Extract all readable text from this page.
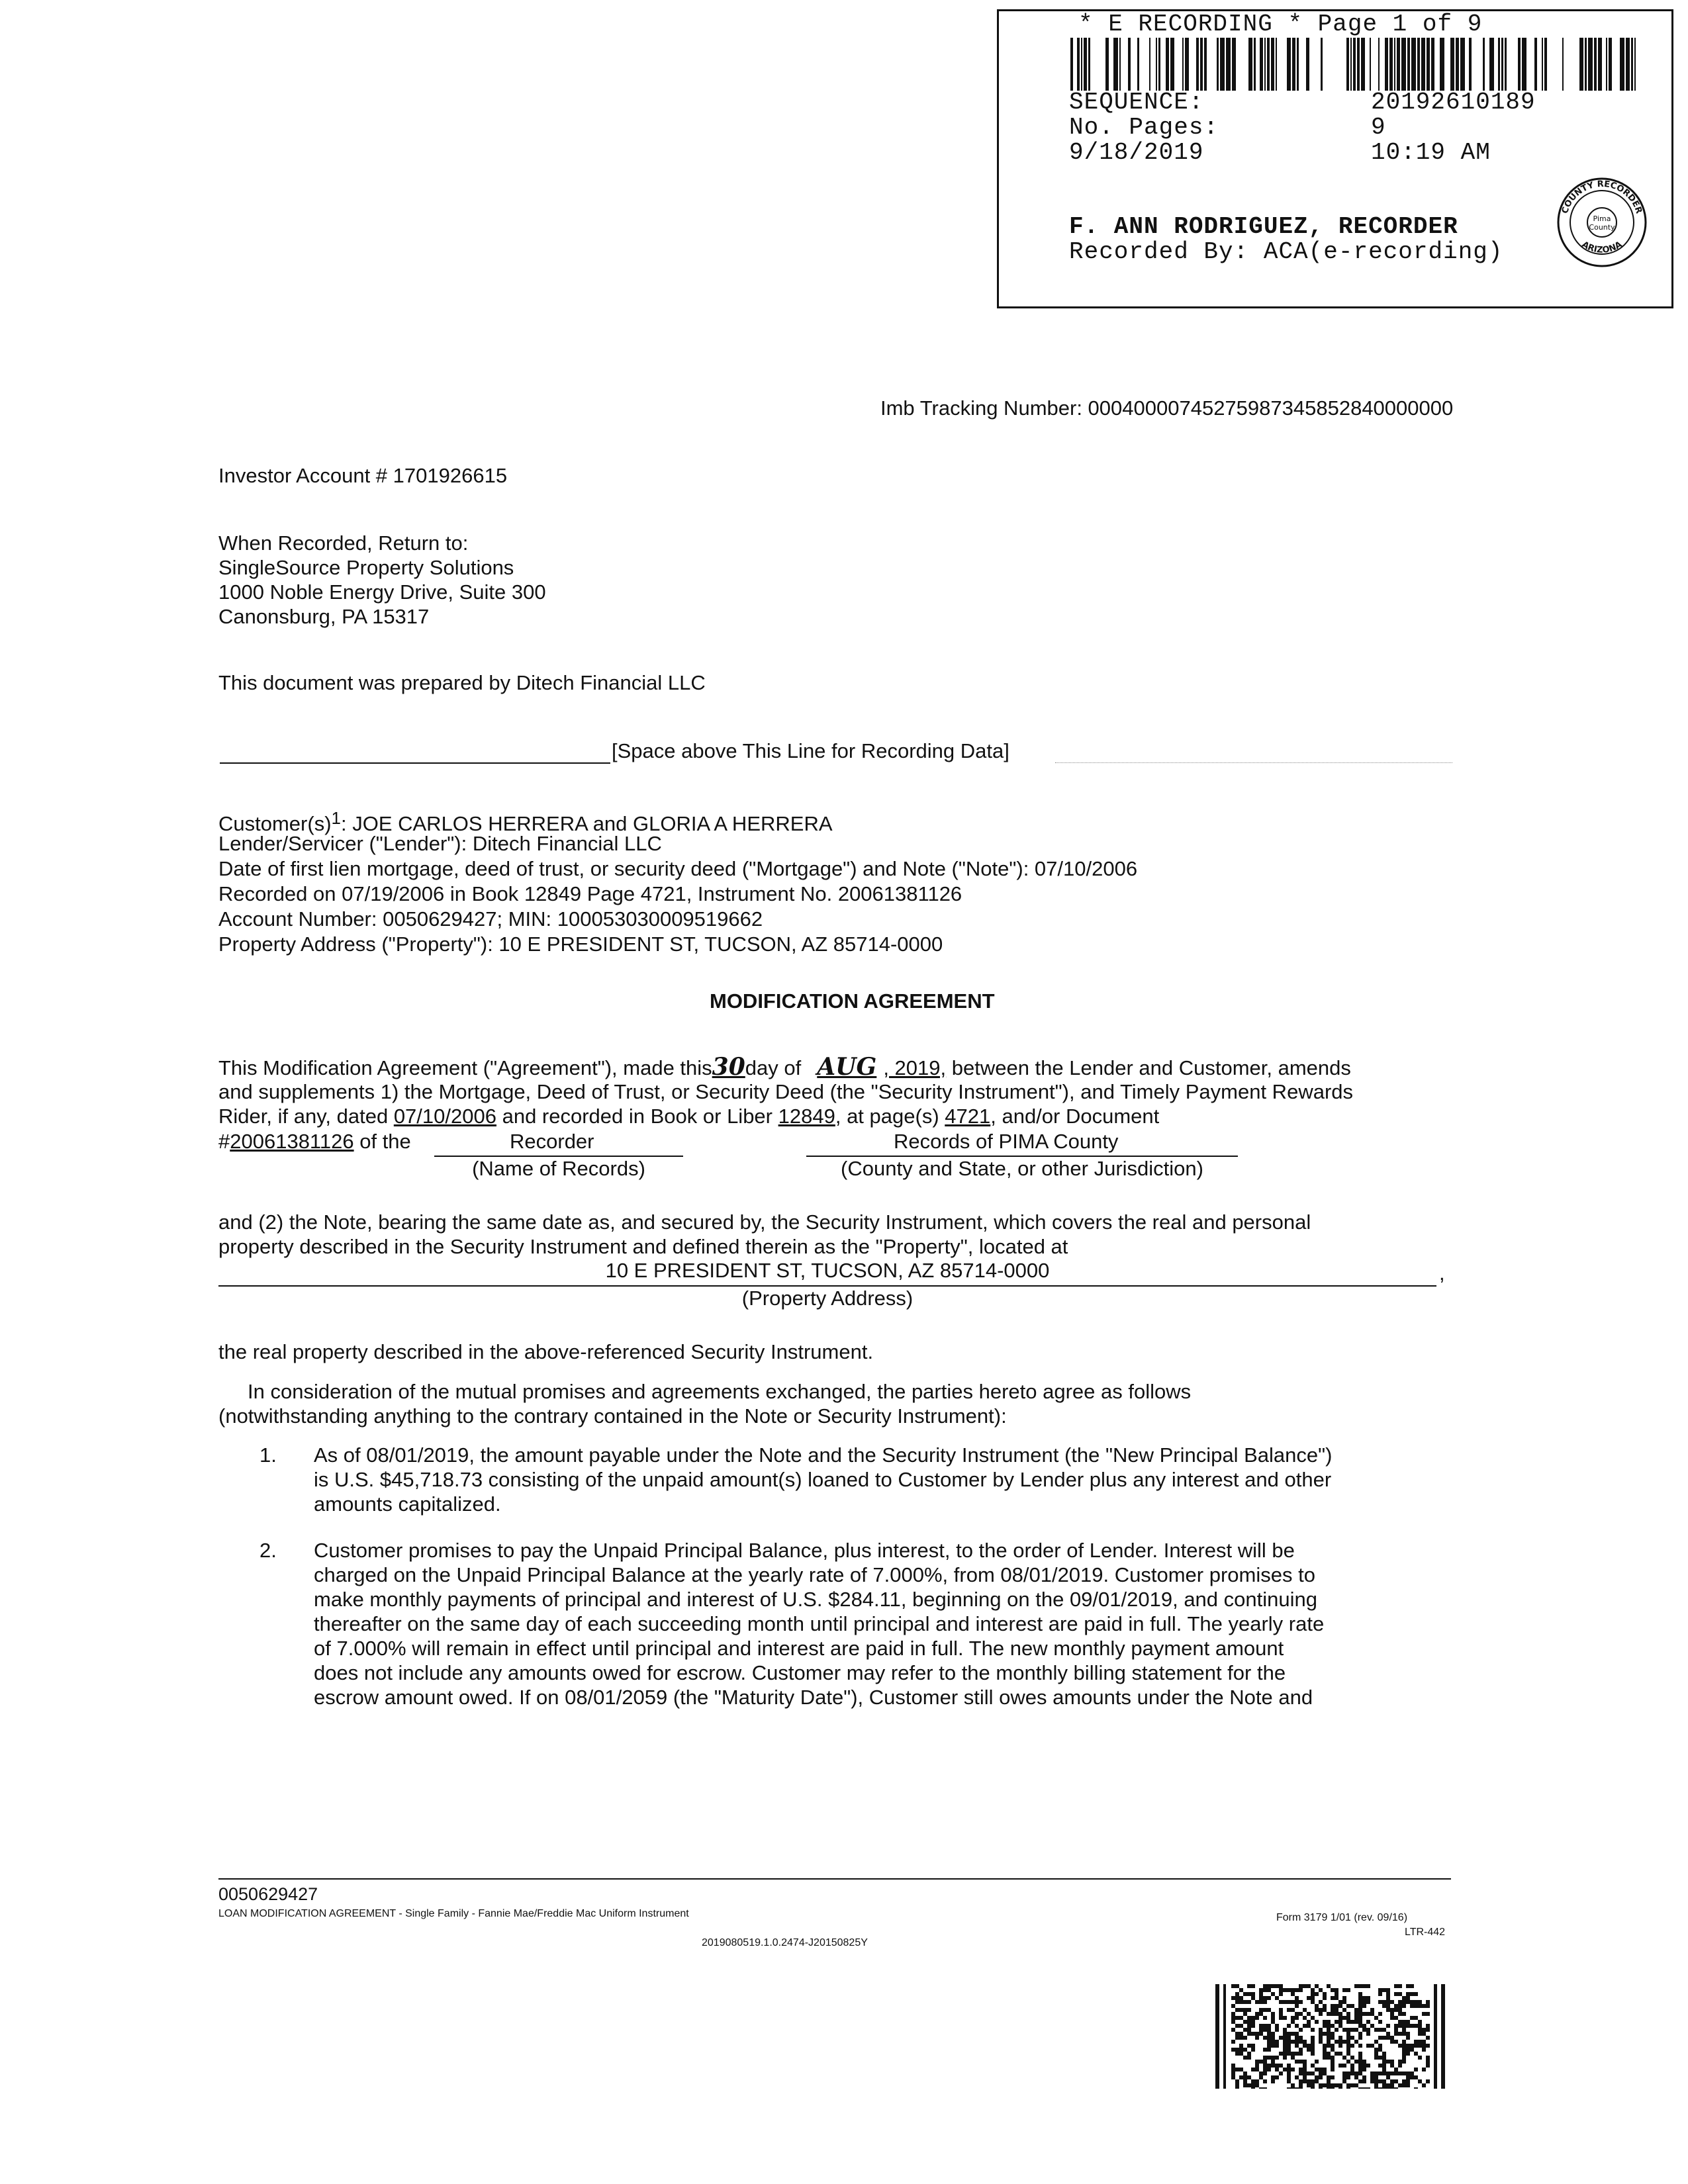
* E RECORDING * Page 1 of 9
SEQUENCE:	20192610189
No. Pages:	9
9/18/2019	10:19 AM
F. ANN RODRIGUEZ, RECORDER
Recorded By: ACA(e-recording)
COUNTY RECORDER
Pima
County
ARIZONA
Imb Tracking Number: 00040000745275987345852840000000
Investor Account # 1701926615
When Recorded, Return to:
SingleSource Property Solutions
1000 Noble Energy Drive, Suite 300
Canonsburg, PA 15317
This document was prepared by Ditech Financial LLC
[Space above This Line for Recording Data]
$Customer(s)^1$: JOE CARLOS HERRERA and GLORIA A HERRERA
Lender/Servicer ("Lender"): Ditech Financial LLC
Date of first lien mortgage, deed of trust, or security deed ("Mortgage") and Note ("Note"): 07/10/2006
Recorded on 07/19/2006 in Book 12849 Page 4721, Instrument No. 20061381126
Account Number: 0050629427; MIN: 100053030009519662
Property Address ("Property"): 10 E PRESIDENT ST, TUCSON, AZ 85714-0000
MODIFICATION AGREEMENT
This Modification Agreement ("Agreement"), made this30day of AUG , 2019, between the Lender and Customer, amends
and supplements 1) the Mortgage, Deed of Trust, or Security Deed (the "Security Instrument"), and Timely Payment Rewards
Rider, if any, dated 07/10/2006 and recorded in Book or Liber 12849, at page(s) 4721, and/or Document
#20061381126 of the	Recorder
(Name of Records)
Records of PIMA County
(County and State, or other Jurisdiction)
and (2) the Note, bearing the same date as, and secured by, the Security Instrument, which covers the real and personal
property described in the Security Instrument and defined therein as the "Property", located at
10 E PRESIDENT ST, TUCSON, AZ 85714-0000	,
(Property Address)
the real property described in the above-referenced Security Instrument.
In consideration of the mutual promises and agreements exchanged, the parties hereto agree as follows
(notwithstanding anything to the contrary contained in the Note or Security Instrument):
1. As of 08/01/2019, the amount payable under the Note and the Security Instrument (the "New Principal Balance")
is U.S. $45,718.73 consisting of the unpaid amount(s) loaned to Customer by Lender plus any interest and other
amounts capitalized.
2. Customer promises to pay the Unpaid Principal Balance, plus interest, to the order of Lender. Interest will be
charged on the Unpaid Principal Balance at the yearly rate of 7.000%, from 08/01/2019. Customer promises to
make monthly payments of principal and interest of U.S. $284.11, beginning on the 09/01/2019, and continuing
thereafter on the same day of each succeeding month until principal and interest are paid in full. The yearly rate
of 7.000% will remain in effect until principal and interest are paid in full. The new monthly payment amount
does not include any amounts owed for escrow. Customer may refer to the monthly billing statement for the
escrow amount owed. If on 08/01/2059 (the "Maturity Date"), Customer still owes amounts under the Note and
0050629427
LOAN MODIFICATION AGREEMENT - Single Family - Fannie Mae/Freddie Mac Uniform Instrument
2019080519.1.0.2474-J20150825Y
Form 3179 1/01 (rev. 09/16)
LTR-442
